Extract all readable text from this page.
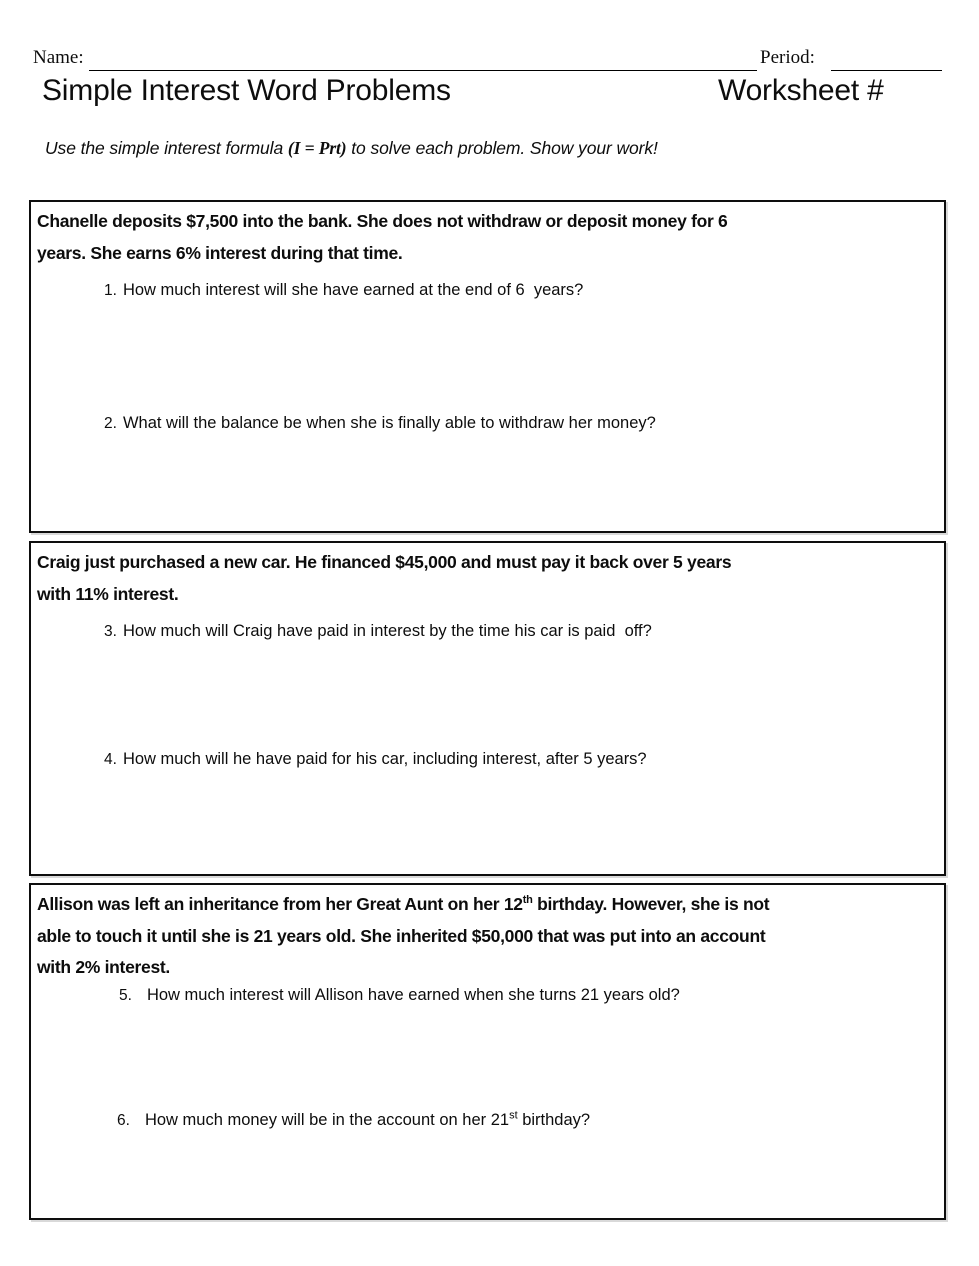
Name:	Period:
Simple Interest Word Problems	Worksheet #

Use the simple interest formula (I = Prt) to solve each problem. Show your work!

Chanelle deposits $7,500 into the bank. She does not withdraw or deposit money for 6
years. She earns 6% interest during that time.

1. How much interest will she have earned at the end of 6  years?
2. What will the balance be when she is finally able to withdraw her money?

Craig just purchased a new car. He financed $45,000 and must pay it back over 5 years
with 11% interest.

3. How much will Craig have paid in interest by the time his car is paid  off?
4. How much will he have paid for his car, including interest, after 5 years?

Allison was left an inheritance from her Great Aunt on her 12th birthday. However, she is not
able to touch it until she is 21 years old. She inherited $50,000 that was put into an account
with 2% interest.

5. How much interest will Allison have earned when she turns 21 years old?
6. How much money will be in the account on her 21st birthday?
